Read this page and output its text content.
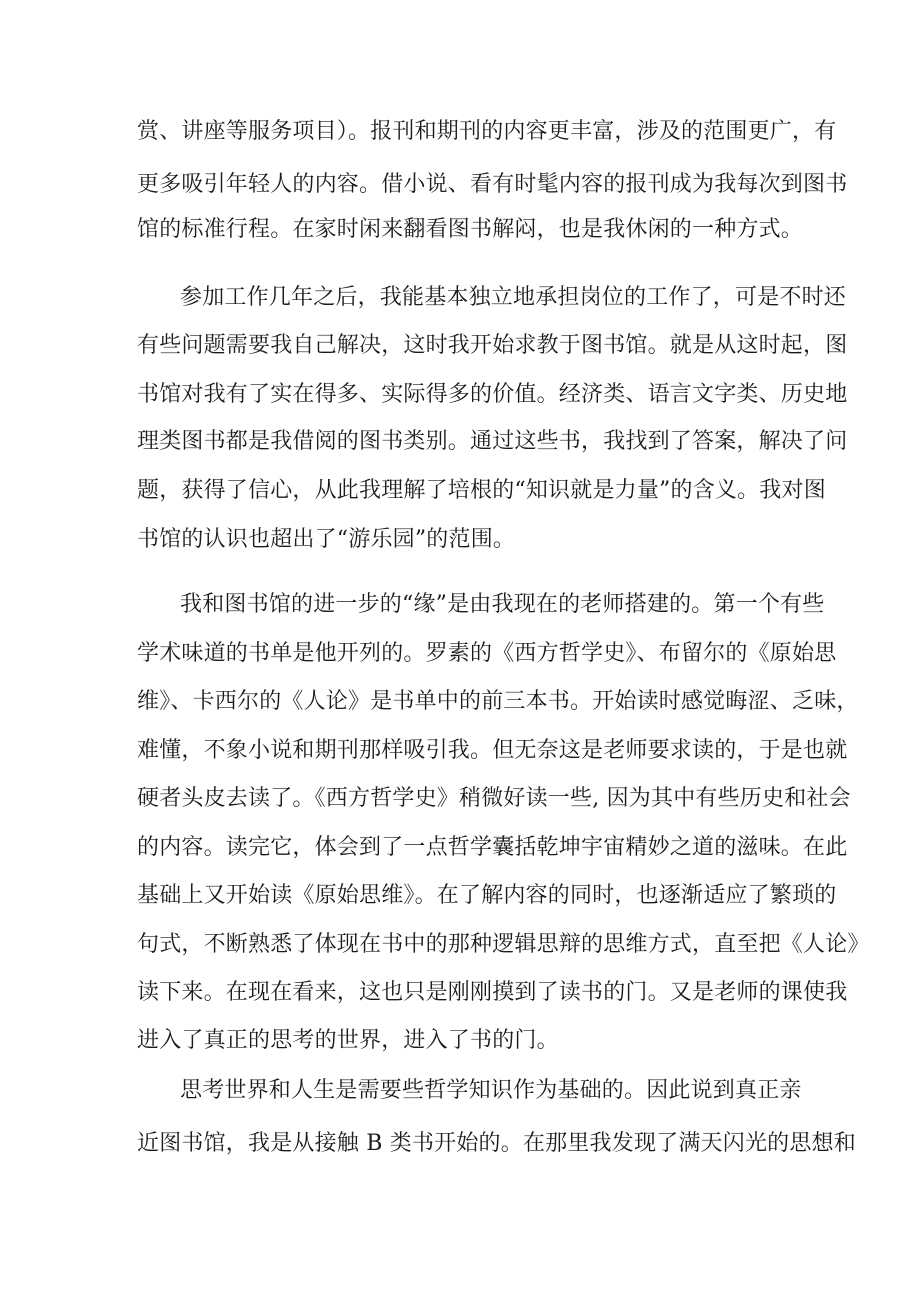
赏、讲座等服务项目）。报刊和期刊的内容更丰富，涉及的范围更广，有
更多吸引年轻人的内容。借小说、看有时髦内容的报刊成为我每次到图书
馆的标准行程。在家时闲来翻看图书解闷，也是我休闲的一种方式。
参加工作几年之后，我能基本独立地承担岗位的工作了，可是不时还
有些问题需要我自己解决，这时我开始求教于图书馆。就是从这时起，图
书馆对我有了实在得多、实际得多的价值。经济类、语言文字类、历史地
理类图书都是我借阅的图书类别。通过这些书，我找到了答案，解决了问
题，获得了信心，从此我理解了培根的“知识就是力量”的含义。我对图
书馆的认识也超出了“游乐园”的范围。
我和图书馆的进一步的“缘”是由我现在的老师搭建的。第一个有些
学术味道的书单是他开列的。罗素的《西方哲学史》、布留尔的《原始思
维》、卡西尔的《人论》是书单中的前三本书。开始读时感觉晦涩、乏味，
难懂，不象小说和期刊那样吸引我。但无奈这是老师要求读的，于是也就
硬者头皮去读了。《西方哲学史》稍微好读一些, 因为其中有些历史和社会
的内容。读完它，体会到了一点哲学囊括乾坤宇宙精妙之道的滋味。在此
基础上又开始读《原始思维》。在了解内容的同时，也逐渐适应了繁琐的
句式，不断熟悉了体现在书中的那种逻辑思辩的思维方式，直至把《人论》
读下来。在现在看来，这也只是刚刚摸到了读书的门。又是老师的课使我
进入了真正的思考的世界，进入了书的门。
思考世界和人生是需要些哲学知识作为基础的。因此说到真正亲
近图书馆，我是从接触 B 类书开始的。在那里我发现了满天闪光的思想和
